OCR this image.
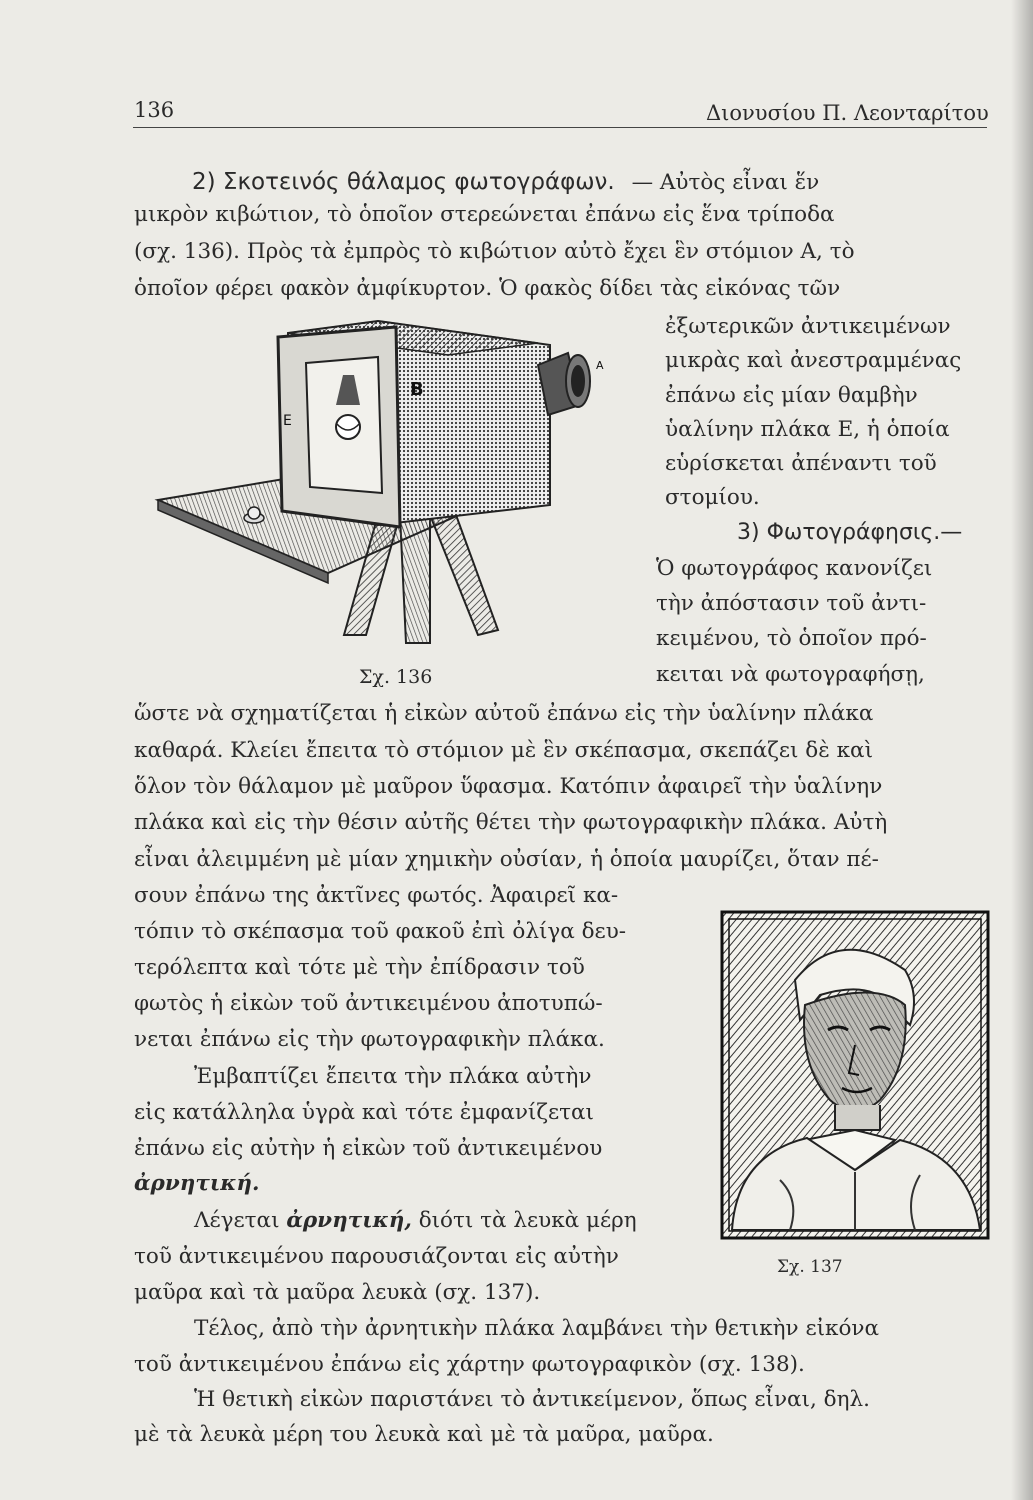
136	Διονυσίου Π. Λεονταρίτου
2) Σκοτεινός θάλαμος φωτογράφων. — Αὐτὸς εἶναι ἕν
μικρὸν κιβώτιον, τὸ ὁποῖον στερεώνεται ἐπάνω εἰς ἕνα τρίποδα
(σχ. 136). Πρὸς τὰ ἐμπρὸς τὸ κιβώτιον αὐτὸ ἔχει ἓν στόμιον Α, τὸ
ὁποῖον φέρει φακὸν ἀμφίκυρτον. Ὁ φακὸς δίδει τὰς εἰκόνας τῶν
ἐξωτερικῶν ἀντικειμένων
μικρὰς καὶ ἀνεστραμμένας
ἐπάνω εἰς μίαν θαμβὴν
ὑαλίνην πλάκα Ε, ἡ ὁποία
εὑρίσκεται ἀπέναντι τοῦ
στομίου.
3) Φωτογράφησις.—
Ὁ φωτογράφος κανονίζει
τὴν ἀπόστασιν τοῦ ἀντι-
κειμένου, τὸ ὁποῖον πρό-
κειται νὰ φωτογραφήσῃ,
Ε
Β
Α
Σχ. 136
ὥστε νὰ σχηματίζεται ἡ εἰκὼν αὐτοῦ ἐπάνω εἰς τὴν ὑαλίνην πλάκα
καθαρά. Κλείει ἔπειτα τὸ στόμιον μὲ ἓν σκέπασμα, σκεπάζει δὲ καὶ
ὅλον τὸν θάλαμον μὲ μαῦρον ὕφασμα. Κατόπιν ἀφαιρεῖ τὴν ὑαλίνην
πλάκα καὶ εἰς τὴν θέσιν αὐτῆς θέτει τὴν φωτογραφικὴν πλάκα. Αὐτὴ
εἶναι ἀλειμμένη μὲ μίαν χημικὴν οὐσίαν, ἡ ὁποία μαυρίζει, ὅταν πέ-
σουν ἐπάνω της ἀκτῖνες φωτός. Ἀφαιρεῖ κα-
τόπιν τὸ σκέπασμα τοῦ φακοῦ ἐπὶ ὀλίγα δευ-
τερόλεπτα καὶ τότε μὲ τὴν ἐπίδρασιν τοῦ
φωτὸς ἡ εἰκὼν τοῦ ἀντικειμένου ἀποτυπώ-
νεται ἐπάνω εἰς τὴν φωτογραφικὴν πλάκα.
Ἐμβαπτίζει ἔπειτα τὴν πλάκα αὐτὴν
εἰς κατάλληλα ὑγρὰ καὶ τότε ἐμφανίζεται
ἐπάνω εἰς αὐτὴν ἡ εἰκὼν τοῦ ἀντικειμένου
ἀρνητική.
Λέγεται ἀρνητική, διότι τὰ λευκὰ μέρη
τοῦ ἀντικειμένου παρουσιάζονται εἰς αὐτὴν
μαῦρα καὶ τὰ μαῦρα λευκὰ (σχ. 137).
Σχ. 137
Τέλος, ἀπὸ τὴν ἀρνητικὴν πλάκα λαμβάνει τὴν θετικὴν εἰκόνα
τοῦ ἀντικειμένου ἐπάνω εἰς χάρτην φωτογραφικὸν (σχ. 138).
Ἡ θετικὴ εἰκὼν παριστάνει τὸ ἀντικείμενον, ὅπως εἶναι, δηλ.
μὲ τὰ λευκὰ μέρη του λευκὰ καὶ μὲ τὰ μαῦρα, μαῦρα.
